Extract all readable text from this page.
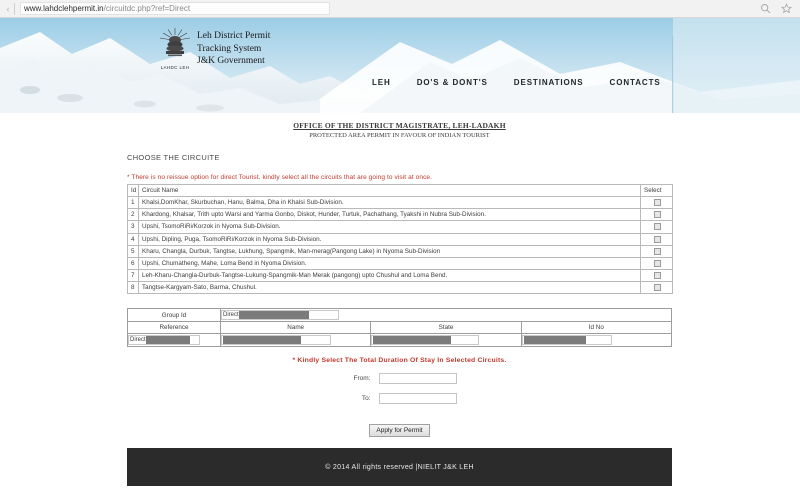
‹	www.lahdclehpermit.in/circuitdc.php?ref=Direct
LAHDC LEH
Leh District Permit
Tracking System
J&K Government
LEH	DO'S & DONT'S	DESTINATIONS	CONTACTS
OFFICE OF THE DISTRICT MAGISTRATE, LEH-LADAKH
PROTECTED AREA PERMIT IN FAVOUR OF INDIAN TOURIST
CHOOSE THE CIRCUITE
* There is no reissue option for direct Tourist. kindly select all the circuits that are going to visit at once.
Id	Circuit Name	Select
1	Khalsi,DomKhar, Skurbuchan, Hanu, Balma, Dha in Khalsi Sub-Division.	
2	Khardong, Khalsar, Trith upto Warsi and Yarma Gonbo, Diskot, Hunder, Turtuk, Pachathang, Tyakshi in Nubra Sub-Division.	
3	Upshi, TsomoRiRi/Korzok in Nyoma Sub-Division.	
4	Upshi, Dipling, Puga, TsomoRiRi/Korzok in Nyoma Sub-Division.	
5	Kharu, Changla, Durbuk, Tangtse, Lukhung, Spangmik, Man-merag(Pangong Lake) in Nyoma Sub-Division	
6	Upshi, Chumatheng, Mahe, Loma Bend in Nyoma Division.	
7	Leh-Kharu-Changla-Durbuk-Tangtse-Lukung-Spangmik-Man Merak (pangong) upto Chushul and Loma Bend.	
8	Tangtse-Kargyam-Sato, Barma, Chushul.	
Group Id	Direct		
Reference	Name	State	Id No
Direct			
* Kindly Select The Total Duration Of Stay In Selected Circuits.
From:
To:
Apply for Permit
© 2014 All rights reserved |NIELIT J&K LEH
